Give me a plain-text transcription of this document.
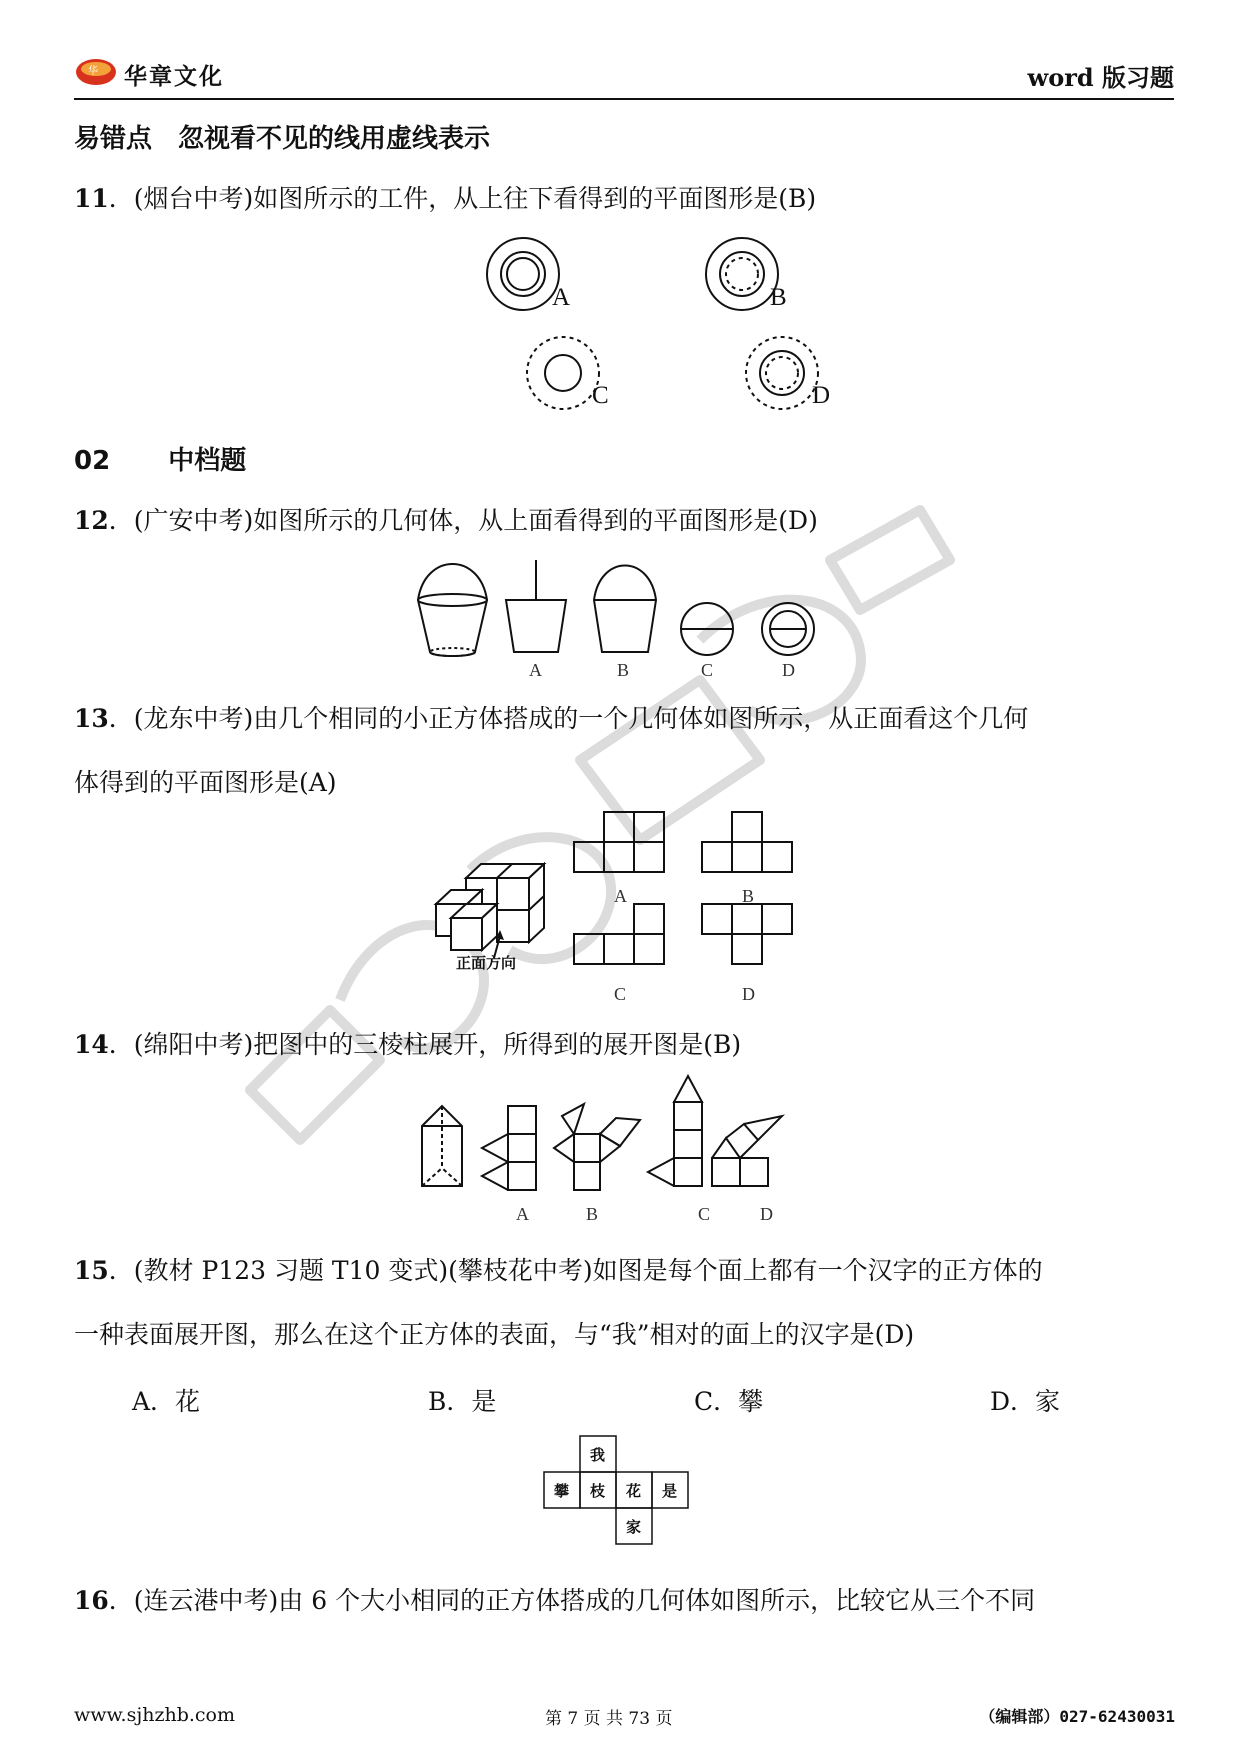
华 华章文化	word 版习题
易错点　忽视看不见的线用虚线表示
11．(烟台中考)如图所示的工件，从上往下看得到的平面图形是(B)
A	B
C	D
02 中档题
12．(广安中考)如图所示的几何体，从上面看得到的平面图形是(D)
A	B	C	D
13．(龙东中考)由几个相同的小正方体搭成的一个几何体如图所示，从正面看这个几何
体得到的平面图形是(A)
正面方向
A	B
C	D
14．(绵阳中考)把图中的三棱柱展开，所得到的展开图是(B)
A	B	C	D
15．(教材 P123 习题 T10 变式)(攀枝花中考)如图是每个面上都有一个汉字的正方体的
一种表面展开图，那么在这个正方体的表面，与“我”相对的面上的汉字是(D)
A．花	B．是	C．攀	D．家
我
攀 枝 花 是
家
16．(连云港中考)由 6 个大小相同的正方体搭成的几何体如图所示，比较它从三个不同
www.sjhzhb.com	第 7 页 共 73 页	（编辑部）027-62430031
